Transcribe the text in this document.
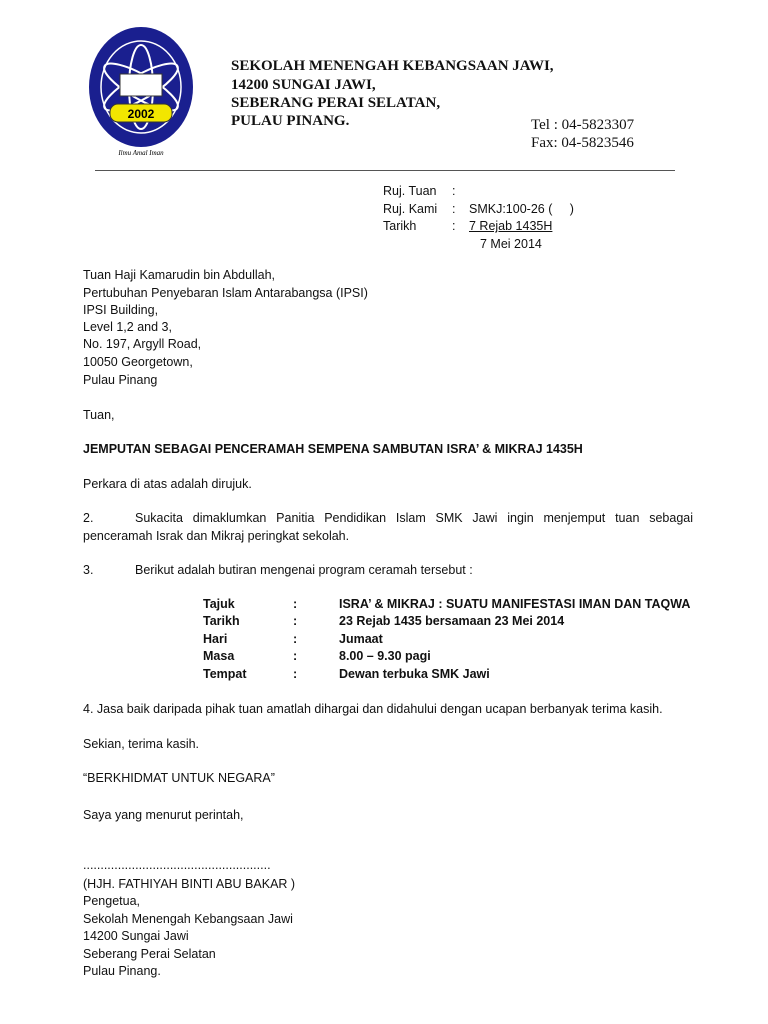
2002
Ilmu Amal Iman
SEKOLAH MENENGAH KEBANGSAAN JAWI,
14200 SUNGAI JAWI,
SEBERANG PERAI SELATAN,
PULAU PINANG.	Tel : 04-5823307
Fax: 04-5823546
Ruj. Tuan :
Ruj. Kami : SMKJ:100-26 (     )
Tarikh	: 7 Rejab 1435H
7 Mei 2014
Tuan Haji Kamarudin bin Abdullah,
Pertubuhan Penyebaran Islam Antarabangsa (IPSI)
IPSI Building,
Level 1,2 and 3,
No. 197, Argyll Road,
10050 Georgetown,
Pulau Pinang
Tuan,
JEMPUTAN SEBAGAI PENCERAMAH SEMPENA SAMBUTAN ISRA’ & MIKRAJ 1435H
Perkara di atas adalah dirujuk.
2.	Sukacita dimaklumkan Panitia Pendidikan Islam SMK Jawi ingin menjemput tuan sebagai penceramah Israk dan Mikraj peringkat sekolah.
3.	Berikut adalah butiran mengenai program ceramah tersebut :
Tajuk	:	ISRA’ & MIKRAJ : SUATU MANIFESTASI IMAN DAN TAQWA
Tarikh	:	23 Rejab 1435 bersamaan 23 Mei 2014
Hari	:	Jumaat
Masa	:	8.00 – 9.30 pagi
Tempat	:	Dewan terbuka SMK Jawi
4. Jasa baik daripada pihak tuan amatlah dihargai dan didahului dengan ucapan berbanyak terima kasih.
Sekian, terima kasih.
“BERKHIDMAT UNTUK NEGARA”
Saya yang menurut perintah,
......................................................
(HJH. FATHIYAH BINTI ABU BAKAR )
Pengetua,
Sekolah Menengah Kebangsaan Jawi
14200 Sungai Jawi
Seberang Perai Selatan
Pulau Pinang.
